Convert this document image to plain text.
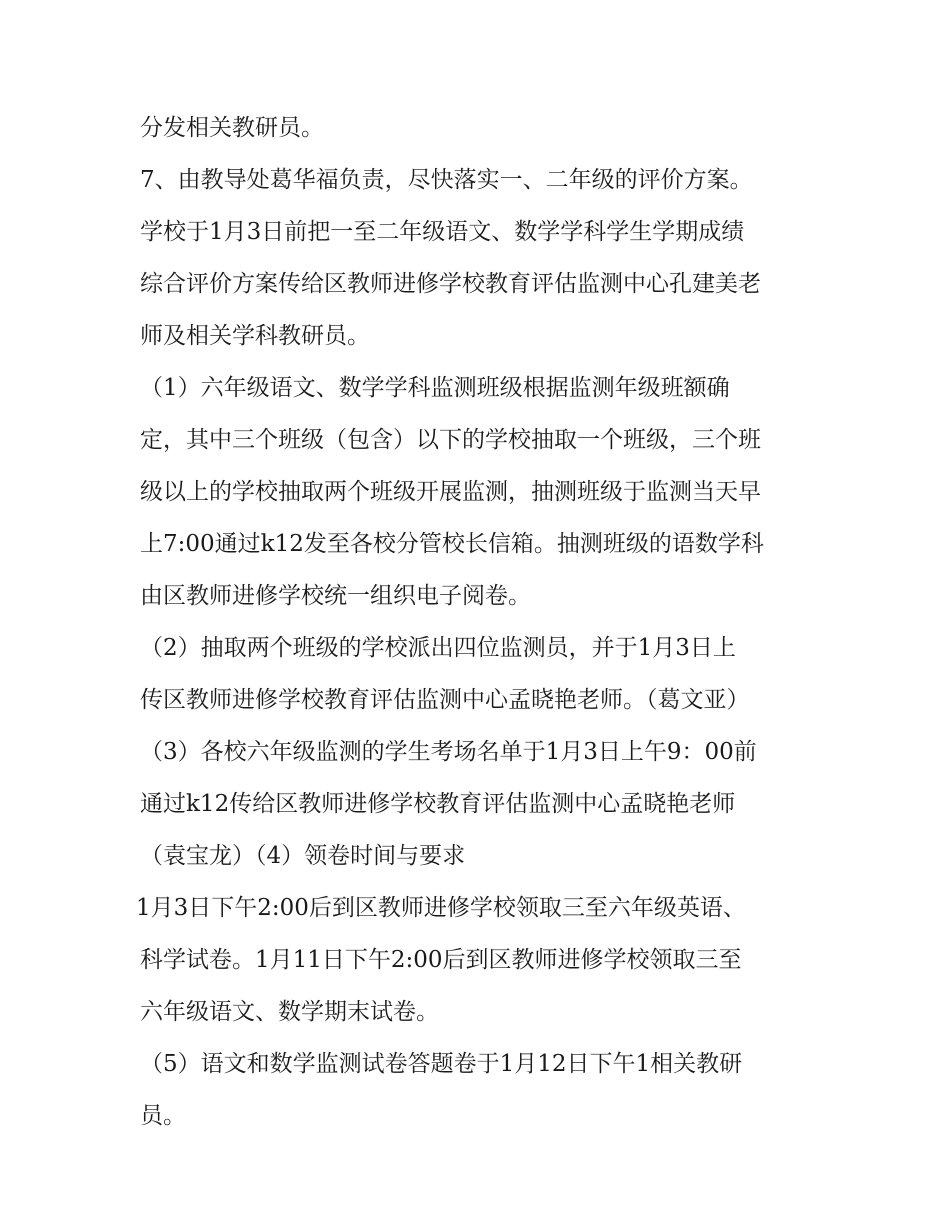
分发相关教研员。
7、由教导处葛华福负责，尽快落实一、二年级的评价方案。
学校于1月3日前把一至二年级语文、数学学科学生学期成绩
综合评价方案传给区教师进修学校教育评估监测中心孔建美老
师及相关学科教研员。
（1）六年级语文、数学学科监测班级根据监测年级班额确
定，其中三个班级（包含）以下的学校抽取一个班级，三个班
级以上的学校抽取两个班级开展监测，抽测班级于监测当天早
上7:00通过k12发至各校分管校长信箱。抽测班级的语数学科
由区教师进修学校统一组织电子阅卷。
（2）抽取两个班级的学校派出四位监测员，并于1月3日上
传区教师进修学校教育评估监测中心孟晓艳老师。（葛文亚）
（3）各校六年级监测的学生考场名单于1月3日上午9：00前
通过k12传给区教师进修学校教育评估监测中心孟晓艳老师
（袁宝龙）（4）领卷时间与要求
1月3日下午2:00后到区教师进修学校领取三至六年级英语、
科学试卷。1月11日下午2:00后到区教师进修学校领取三至
六年级语文、数学期末试卷。
（5）语文和数学监测试卷答题卷于1月12日下午1相关教研
员。
